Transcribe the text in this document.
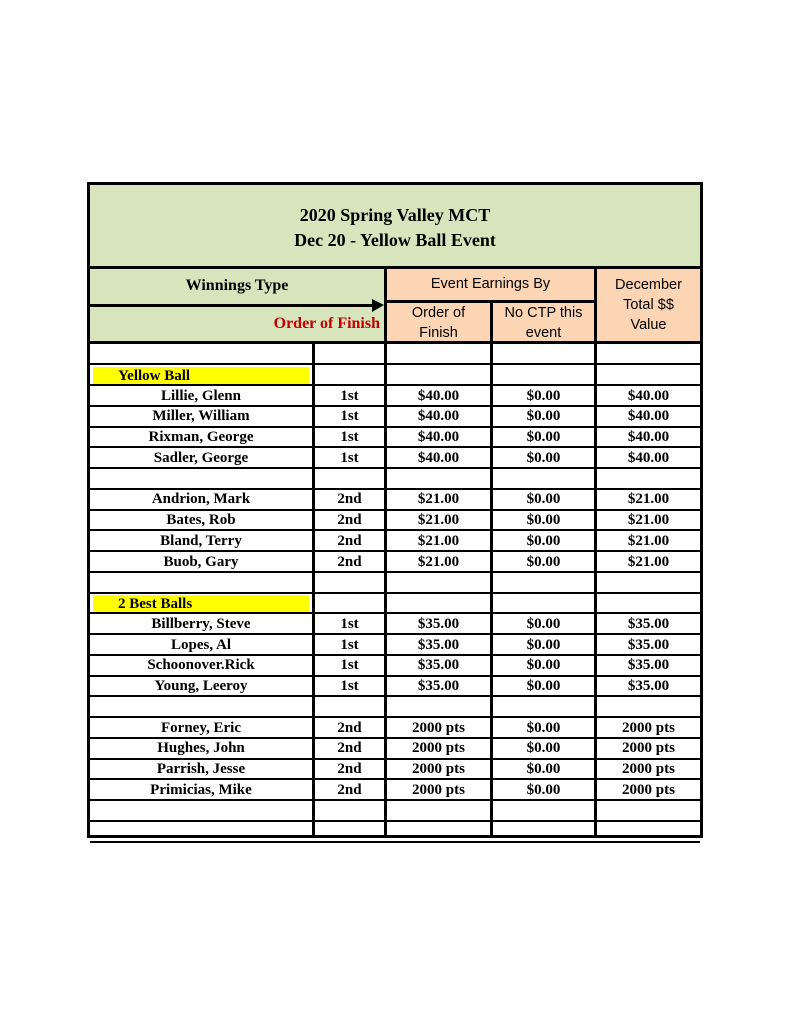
2020 Spring Valley MCT
Dec 20 - Yellow Ball Event
Winnings Type
Order of Finish
Event Earnings By
Order of
Finish
No CTP this
event
December
Total $$
Value
Yellow Ball
Lillie, Glenn	1st	$40.00	$0.00	$40.00
Miller, William	1st	$40.00	$0.00	$40.00
Rixman, George	1st	$40.00	$0.00	$40.00
Sadler, George	1st	$40.00	$0.00	$40.00
Andrion, Mark	2nd	$21.00	$0.00	$21.00
Bates, Rob	2nd	$21.00	$0.00	$21.00
Bland, Terry	2nd	$21.00	$0.00	$21.00
Buob, Gary	2nd	$21.00	$0.00	$21.00
2 Best Balls
Billberry, Steve	1st	$35.00	$0.00	$35.00
Lopes, Al	1st	$35.00	$0.00	$35.00
Schoonover.Rick	1st	$35.00	$0.00	$35.00
Young, Leeroy	1st	$35.00	$0.00	$35.00
Forney, Eric	2nd	2000 pts	$0.00	2000 pts
Hughes, John	2nd	2000 pts	$0.00	2000 pts
Parrish, Jesse	2nd	2000 pts	$0.00	2000 pts
Primicias, Mike	2nd	2000 pts	$0.00	2000 pts
